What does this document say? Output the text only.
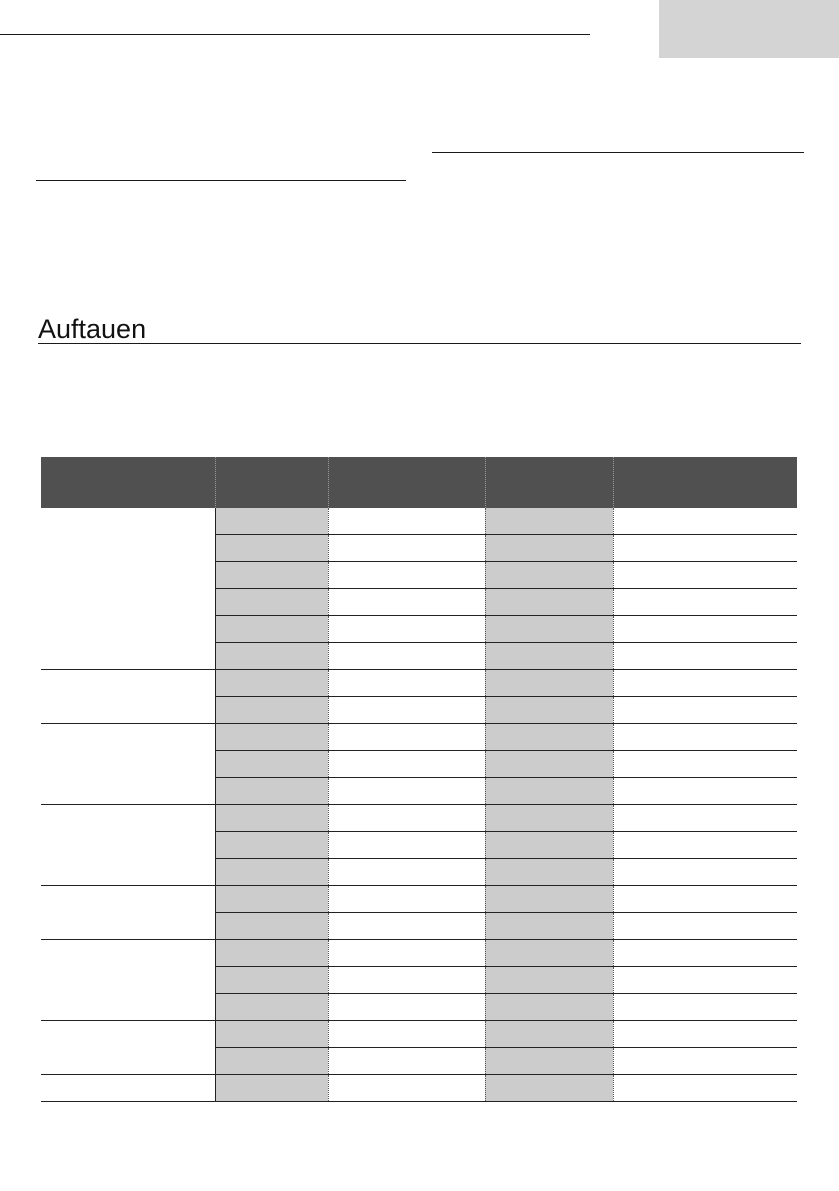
Auftauen
